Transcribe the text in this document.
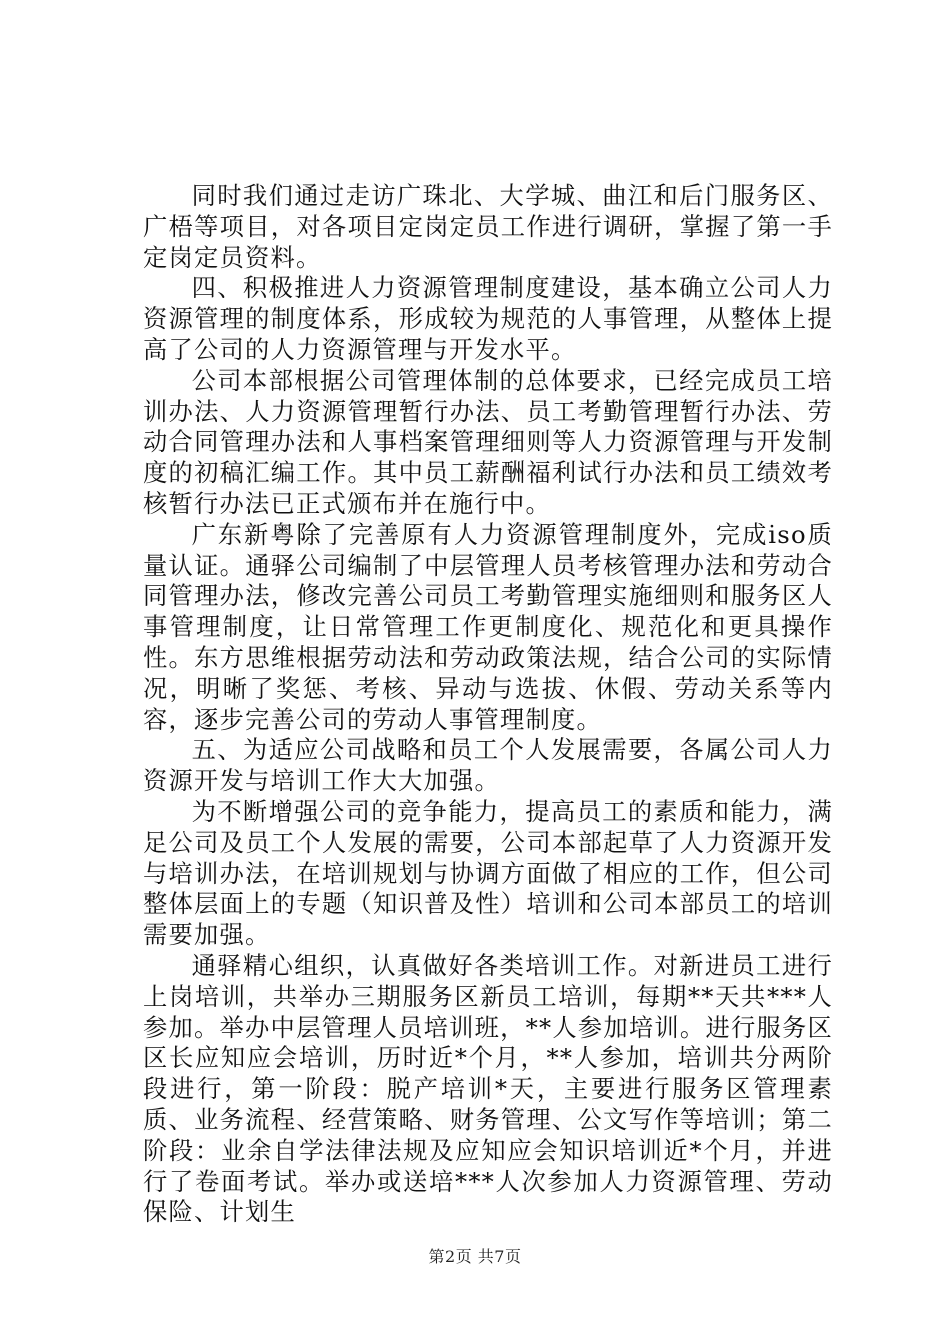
同时我们通过走访广珠北、大学城、曲江和后门服务区、广梧等项目，对各项目定岗定员工作进行调研，掌握了第一手定岗定员资料。

四、积极推进人力资源管理制度建设，基本确立公司人力资源管理的制度体系，形成较为规范的人事管理，从整体上提高了公司的人力资源管理与开发水平。

公司本部根据公司管理体制的总体要求，已经完成员工培训办法、人力资源管理暂行办法、员工考勤管理暂行办法、劳动合同管理办法和人事档案管理细则等人力资源管理与开发制度的初稿汇编工作。其中员工薪酬福利试行办法和员工绩效考核暂行办法已正式颁布并在施行中。

广东新粤除了完善原有人力资源管理制度外，完成iso质量认证。通驿公司编制了中层管理人员考核管理办法和劳动合同管理办法，修改完善公司员工考勤管理实施细则和服务区人事管理制度，让日常管理工作更制度化、规范化和更具操作性。东方思维根据劳动法和劳动政策法规，结合公司的实际情况，明晰了奖惩、考核、异动与选拔、休假、劳动关系等内容，逐步完善公司的劳动人事管理制度。

五、为适应公司战略和员工个人发展需要，各属公司人力资源开发与培训工作大大加强。

为不断增强公司的竞争能力，提高员工的素质和能力，满足公司及员工个人发展的需要，公司本部起草了人力资源开发与培训办法，在培训规划与协调方面做了相应的工作，但公司整体层面上的专题（知识普及性）培训和公司本部员工的培训需要加强。

通驿精心组织，认真做好各类培训工作。对新进员工进行上岗培训，共举办三期服务区新员工培训，每期**天共***人参加。举办中层管理人员培训班，**人参加培训。进行服务区区长应知应会培训，历时近*个月，**人参加，培训共分两阶段进行，第一阶段：脱产培训*天，主要进行服务区管理素质、业务流程、经营策略、财务管理、公文写作等培训；第二阶段：业余自学法律法规及应知应会知识培训近*个月，并进行了卷面考试。举办或送培***人次参加人力资源管理、劳动保险、计划生

第2页 共7页
